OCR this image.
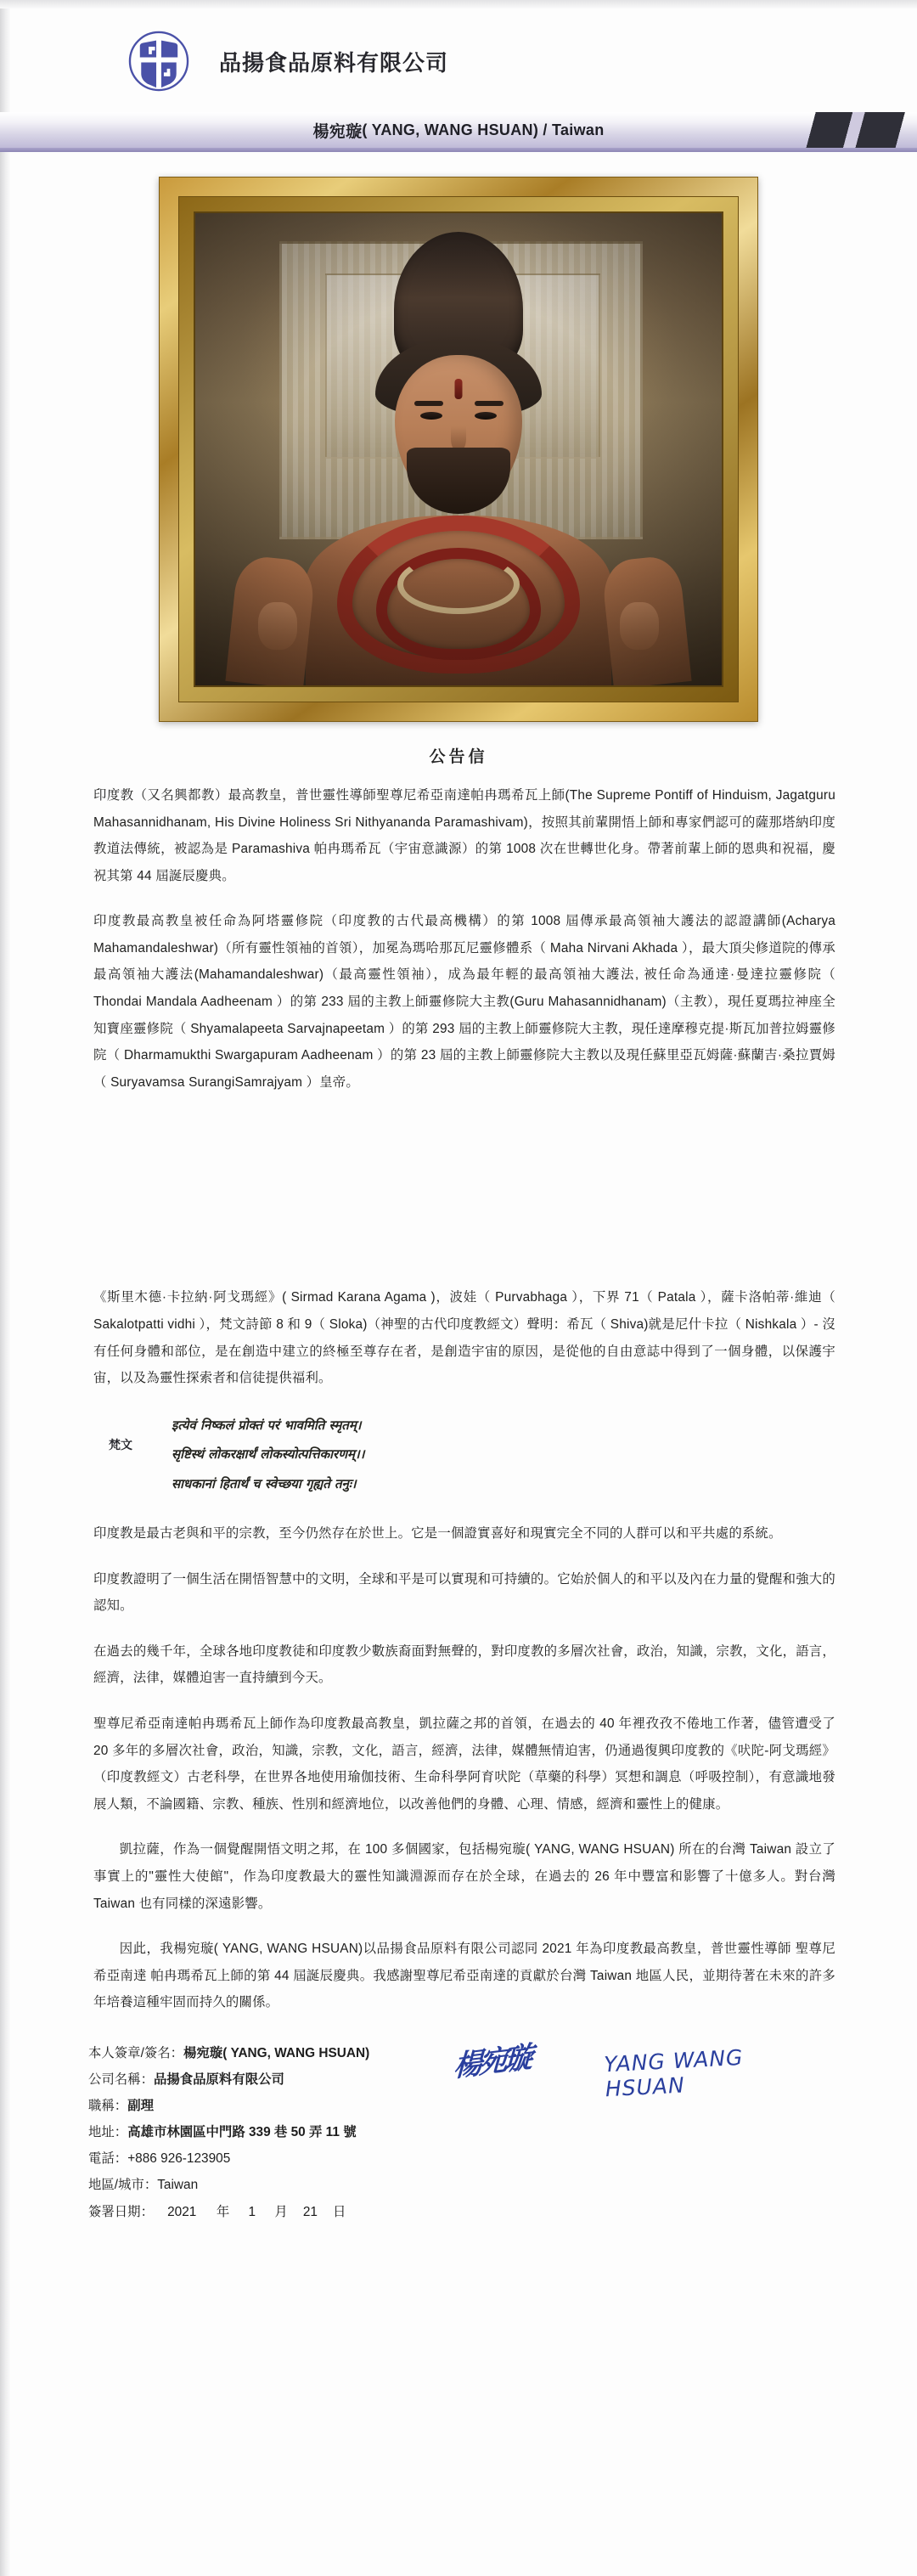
品揚食品原料有限公司
楊宛璇 ( YANG, WANG HSUAN) / Taiwan
公告信

印度教（又名興都教）最高教皇，普世靈性導師聖尊尼希亞南達帕冉瑪希瓦上師(The Supreme Pontiff of Hinduism, Jagatguru Mahasannidhanam, His Divine Holiness Sri Nithyananda Paramashivam)，按照其前輩開悟上師和專家們認可的薩那塔納印度教道法傳統，被認為是 Paramashiva 帕冉瑪希瓦（宇宙意識源）的第 1008 次在世轉世化身。帶著前輩上師的恩典和祝福，慶祝其第 44 屆誕辰慶典。

印度教最高教皇被任命為阿塔靈修院（印度教的古代最高機構）的第 1008 屆傳承最高領袖大護法的認證講師(Acharya Mahamandaleshwar)（所有靈性領袖的首領），加冕為瑪哈那瓦尼靈修體系（ Maha Nirvani Akhada ），最大頂尖修道院的傳承最高領袖大護法(Mahamandaleshwar)（最高靈性領袖），成為最年輕的最高領袖大護法, 被任命為通達·曼達拉靈修院（ Thondai Mandala Aadheenam ）的第 233 屆的主教上師靈修院大主教(Guru Mahasannidhanam)（主教），現任夏瑪拉神座全知寶座靈修院（ Shyamalapeeta Sarvajnapeetam ）的第 293 屆的主教上師靈修院大主教，現任達摩穆克提·斯瓦加普拉姆靈修院（ Dharmamukthi Swargapuram Aadheenam ）的第 23 屆的主教上師靈修院大主教以及現任蘇里亞瓦姆薩·蘇蘭吉·桑拉賈姆（ Suryavamsa SurangiSamrajyam ）皇帝。

《斯里木德·卡拉納·阿戈瑪經》( Sirmad Karana Agama )，波娃（ Purvabhaga ），下界 71（ Patala ），薩卡洛帕蒂·維迪（ Sakalotpatti vidhi ），梵文詩節 8 和 9（ Sloka)（神聖的古代印度教經文）聲明：希瓦（ Shiva)就是尼什卡拉（ Nishkala ）- 沒有任何身體和部位，是在創造中建立的終極至尊存在者，是創造宇宙的原因，是從他的自由意誌中得到了一個身體，以保護宇宙，以及為靈性探索者和信徒提供福利。

梵文
इत्येवं निष्कलं प्रोक्तं परं भावमिति स्मृतम्।
सृष्टिस्थं लोकरक्षार्थं लोकस्योत्पत्तिकारणम्।।
साधकानां हितार्थं च स्वेच्छया गृह्यते तनुः।

印度教是最古老與和平的宗教，至今仍然存在於世上。它是一個證實喜好和現實完全不同的人群可以和平共處的系統。

印度教證明了一個生活在開悟智慧中的文明，全球和平是可以實現和可持續的。它始於個人的和平以及內在力量的覺醒和強大的認知。

在過去的幾千年，全球各地印度教徒和印度教少數族裔面對無聲的，對印度教的多層次社會，政治，知識，宗教，文化，語言，經濟，法律，媒體迫害一直持續到今天。

聖尊尼希亞南達帕冉瑪希瓦上師作為印度教最高教皇，凱拉薩之邦的首領，在過去的 40 年裡孜孜不倦地工作著，儘管遭受了 20 多年的多層次社會，政治，知識，宗教，文化，語言，經濟，法律，媒體無情迫害，仍通過復興印度教的《吠陀-阿戈瑪經》（印度教經文）古老科學，在世界各地使用瑜伽技術、生命科學阿育吠陀（草藥的科學）冥想和調息（呼吸控制），有意識地發展人類，不論國籍、宗教、種族、性別和經濟地位，以改善他們的身體、心理、情感，經濟和靈性上的健康。

凱拉薩，作為一個覺醒開悟文明之邦，在 100 多個國家，包括楊宛璇( YANG, WANG HSUAN) 所在的台灣 Taiwan 設立了事實上的"靈性大使館"，作為印度教最大的靈性知識淵源而存在於全球，在過去的 26 年中豐富和影響了十億多人。對台灣 Taiwan 也有同樣的深遠影響。

因此，我楊宛璇( YANG, WANG HSUAN)以品揚食品原料有限公司認同 2021 年為印度教最高教皇，普世靈性導師 聖尊尼希亞南達 帕冉瑪希瓦上師的第 44 屆誕辰慶典。我感謝聖尊尼希亞南達的貢獻於台灣 Taiwan 地區人民，並期待著在未來的許多年培養這種牢固而持久的關係。

本人簽章/簽名：楊宛璇( YANG, WANG HSUAN)
公司名稱：品揚食品原料有限公司
職稱：副理
地址：高雄市林園區中門路 339 巷 50 弄 11 號
電話：+886 926-123905
地區/城市：Taiwan
簽署日期： 2021 年 1 月 21 日
楊宛璇	YANG WANG HSUAN
